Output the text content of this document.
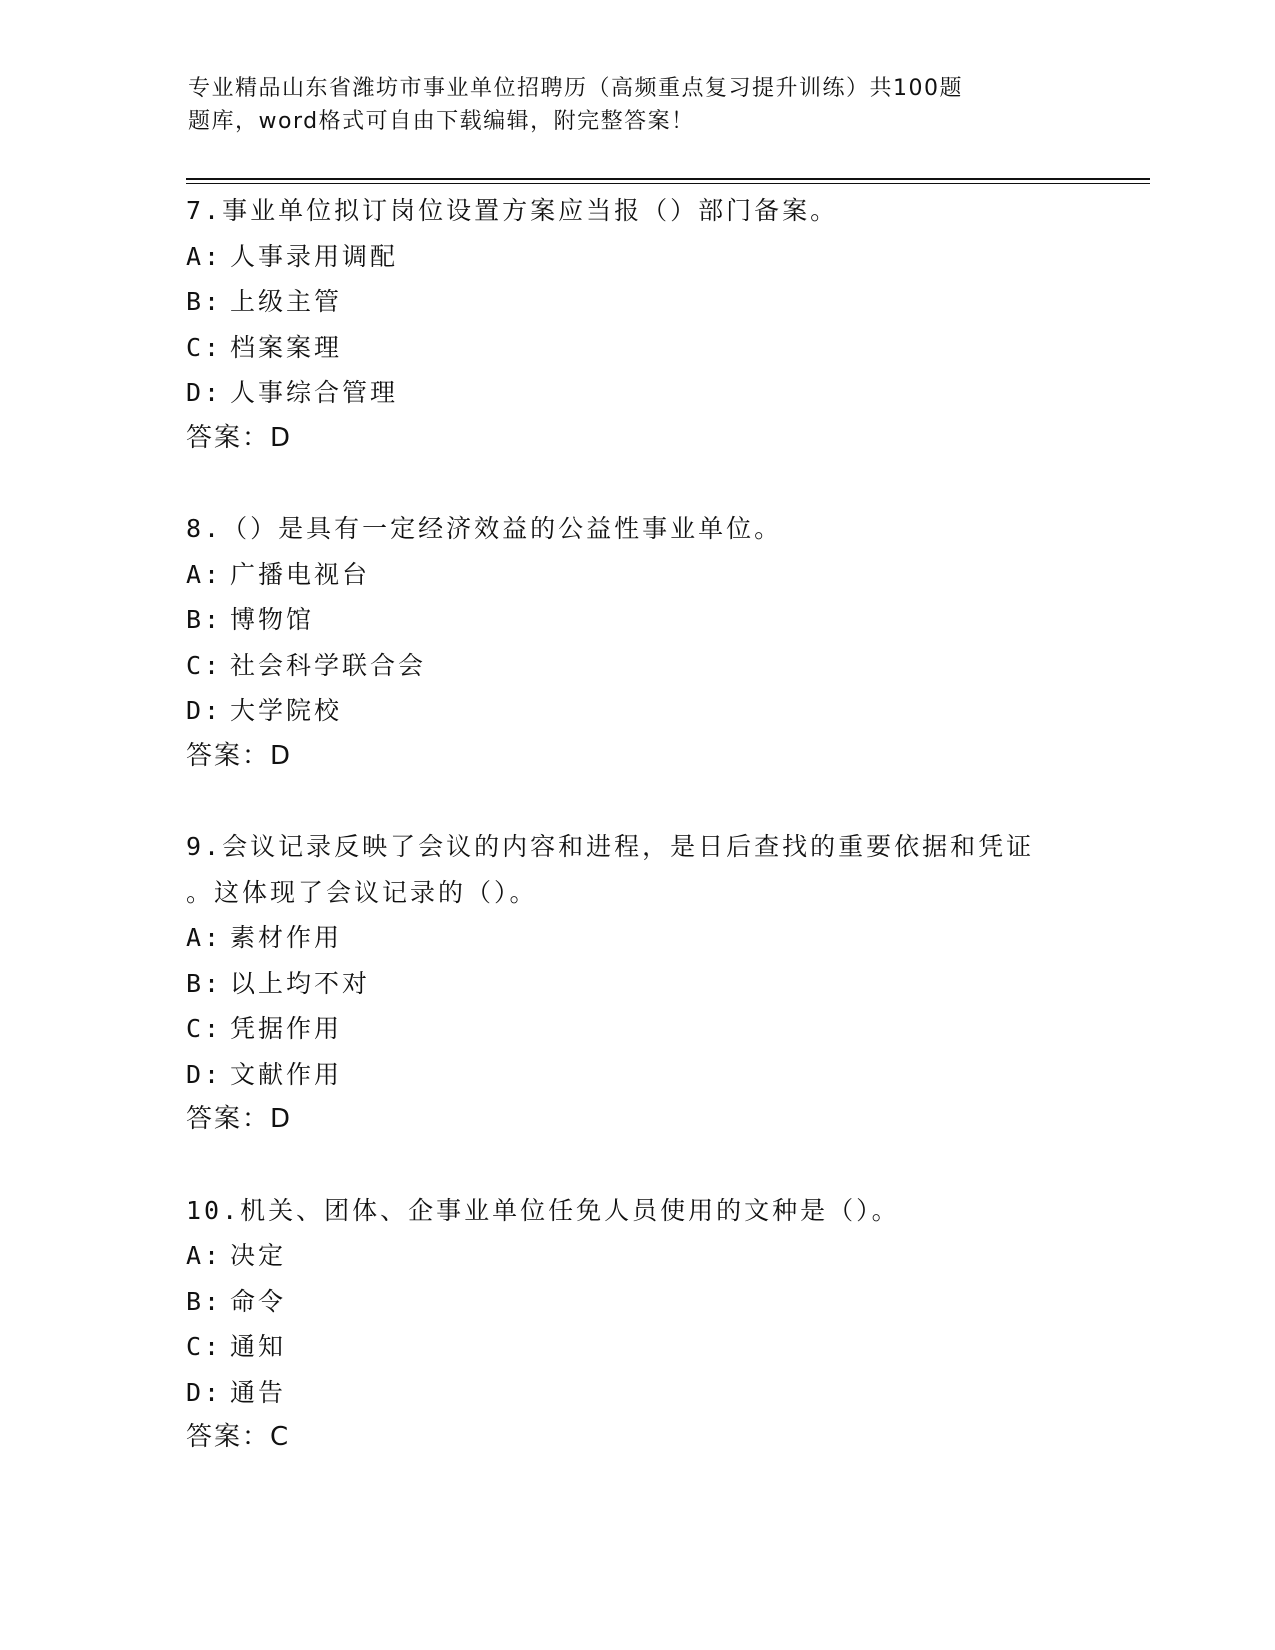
专业精品山东省潍坊市事业单位招聘历（高频重点复习提升训练）共100题
题库，word格式可自由下载编辑，附完整答案！
7.事业单位拟订岗位设置方案应当报（）部门备案。
A: 人事录用调配
B: 上级主管
C: 档案案理
D: 人事综合管理
答案：D
8.（）是具有一定经济效益的公益性事业单位。
A: 广播电视台
B: 博物馆
C: 社会科学联合会
D: 大学院校
答案：D
9.会议记录反映了会议的内容和进程，是日后查找的重要依据和凭证
。这体现了会议记录的（）。
A: 素材作用
B: 以上均不对
C: 凭据作用
D: 文献作用
答案：D
10.机关、团体、企事业单位任免人员使用的文种是（）。
A: 决定
B: 命令
C: 通知
D: 通告
答案：C
